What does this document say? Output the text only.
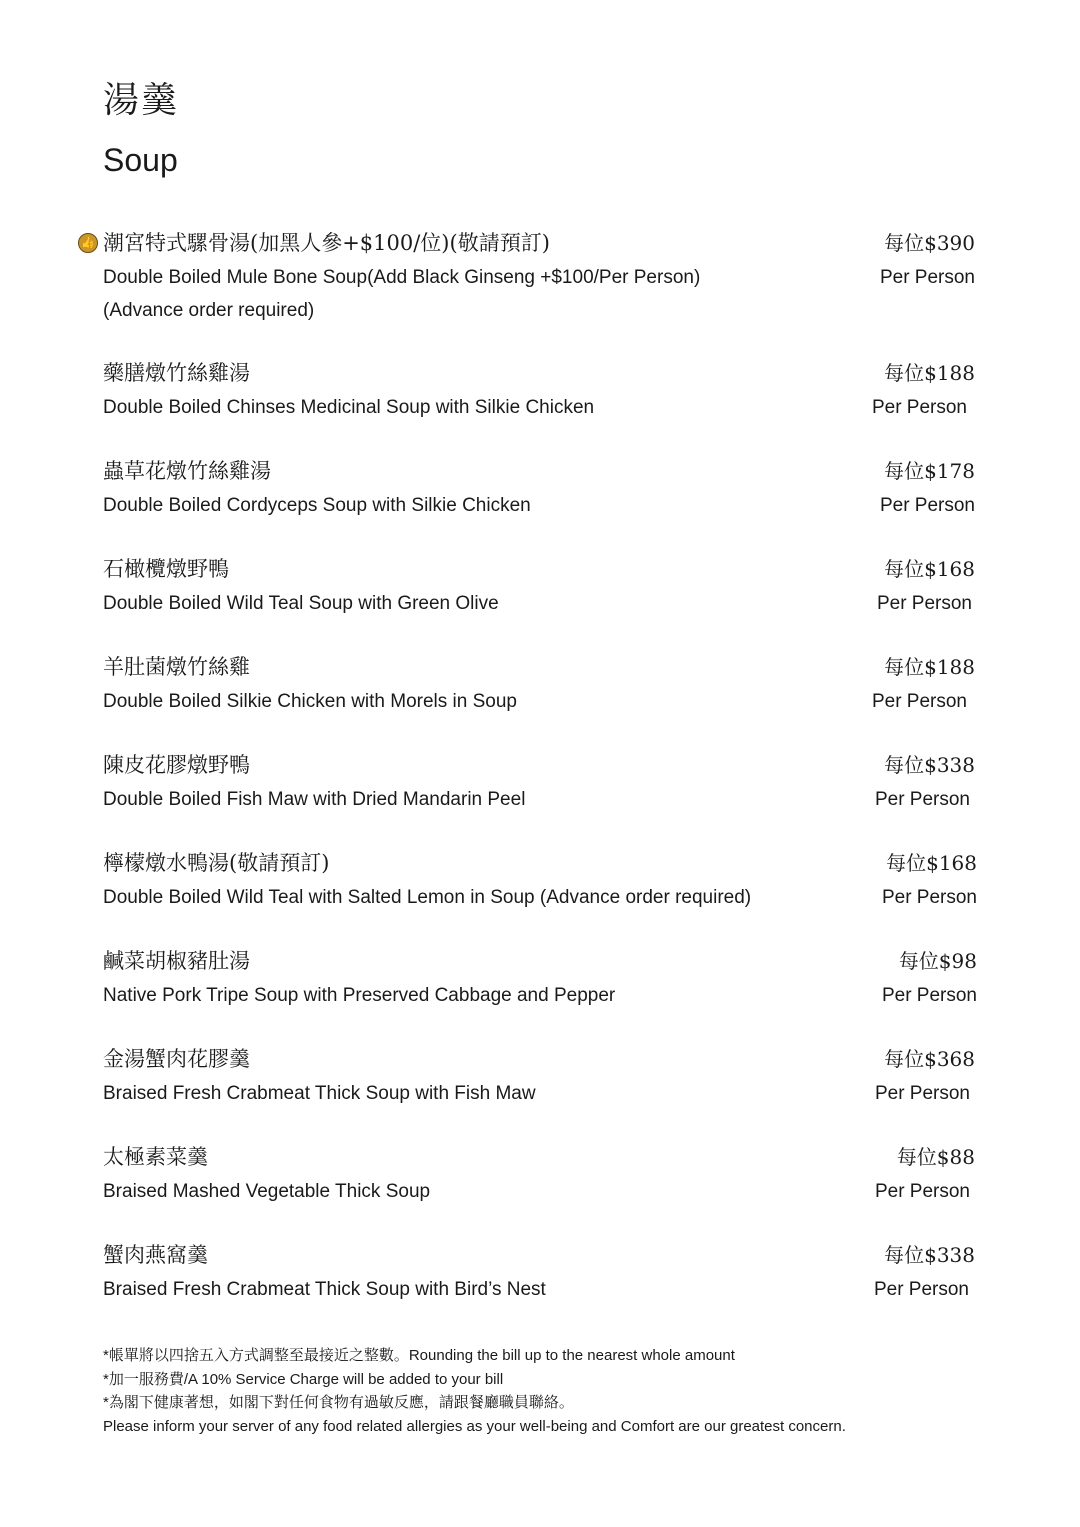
湯羹
Soup
👍 潮宮特式騾骨湯(加黑人參+$100/位)(敬請預訂)
Double Boiled Mule Bone Soup(Add Black Ginseng +$100/Per Person)
(Advance order required)
每位$390
Per Person
藥膳燉竹絲雞湯
Double Boiled Chinses Medicinal Soup with Silkie Chicken
每位$188
Per Person
蟲草花燉竹絲雞湯
Double Boiled Cordyceps Soup with Silkie Chicken
每位$178
Per Person
石橄欖燉野鴨
Double Boiled Wild Teal Soup with Green Olive
每位$168
Per Person
羊肚菌燉竹絲雞
Double Boiled Silkie Chicken with Morels in Soup
每位$188
Per Person
陳皮花膠燉野鴨
Double Boiled Fish Maw with Dried Mandarin Peel
每位$338
Per Person
檸檬燉水鴨湯(敬請預訂)
Double Boiled Wild Teal with Salted Lemon in Soup (Advance order required)
每位$168
Per Person
鹹菜胡椒豬肚湯
Native Pork Tripe Soup with Preserved Cabbage and Pepper
每位$98
Per Person
金湯蟹肉花膠羹
Braised Fresh Crabmeat Thick Soup with Fish Maw
每位$368
Per Person
太極素菜羹
Braised Mashed Vegetable Thick Soup
每位$88
Per Person
蟹肉燕窩羹
Braised Fresh Crabmeat Thick Soup with Bird’s Nest
每位$338
Per Person
*帳單將以四捨五入方式調整至最接近之整數。Rounding the bill up to the nearest whole amount
*加一服務費/A 10% Service Charge will be added to your bill
*為閣下健康著想，如閣下對任何食物有過敏反應，請跟餐廳職員聯絡。
Please inform your server of any food related allergies as your well-being and Comfort are our greatest concern.
